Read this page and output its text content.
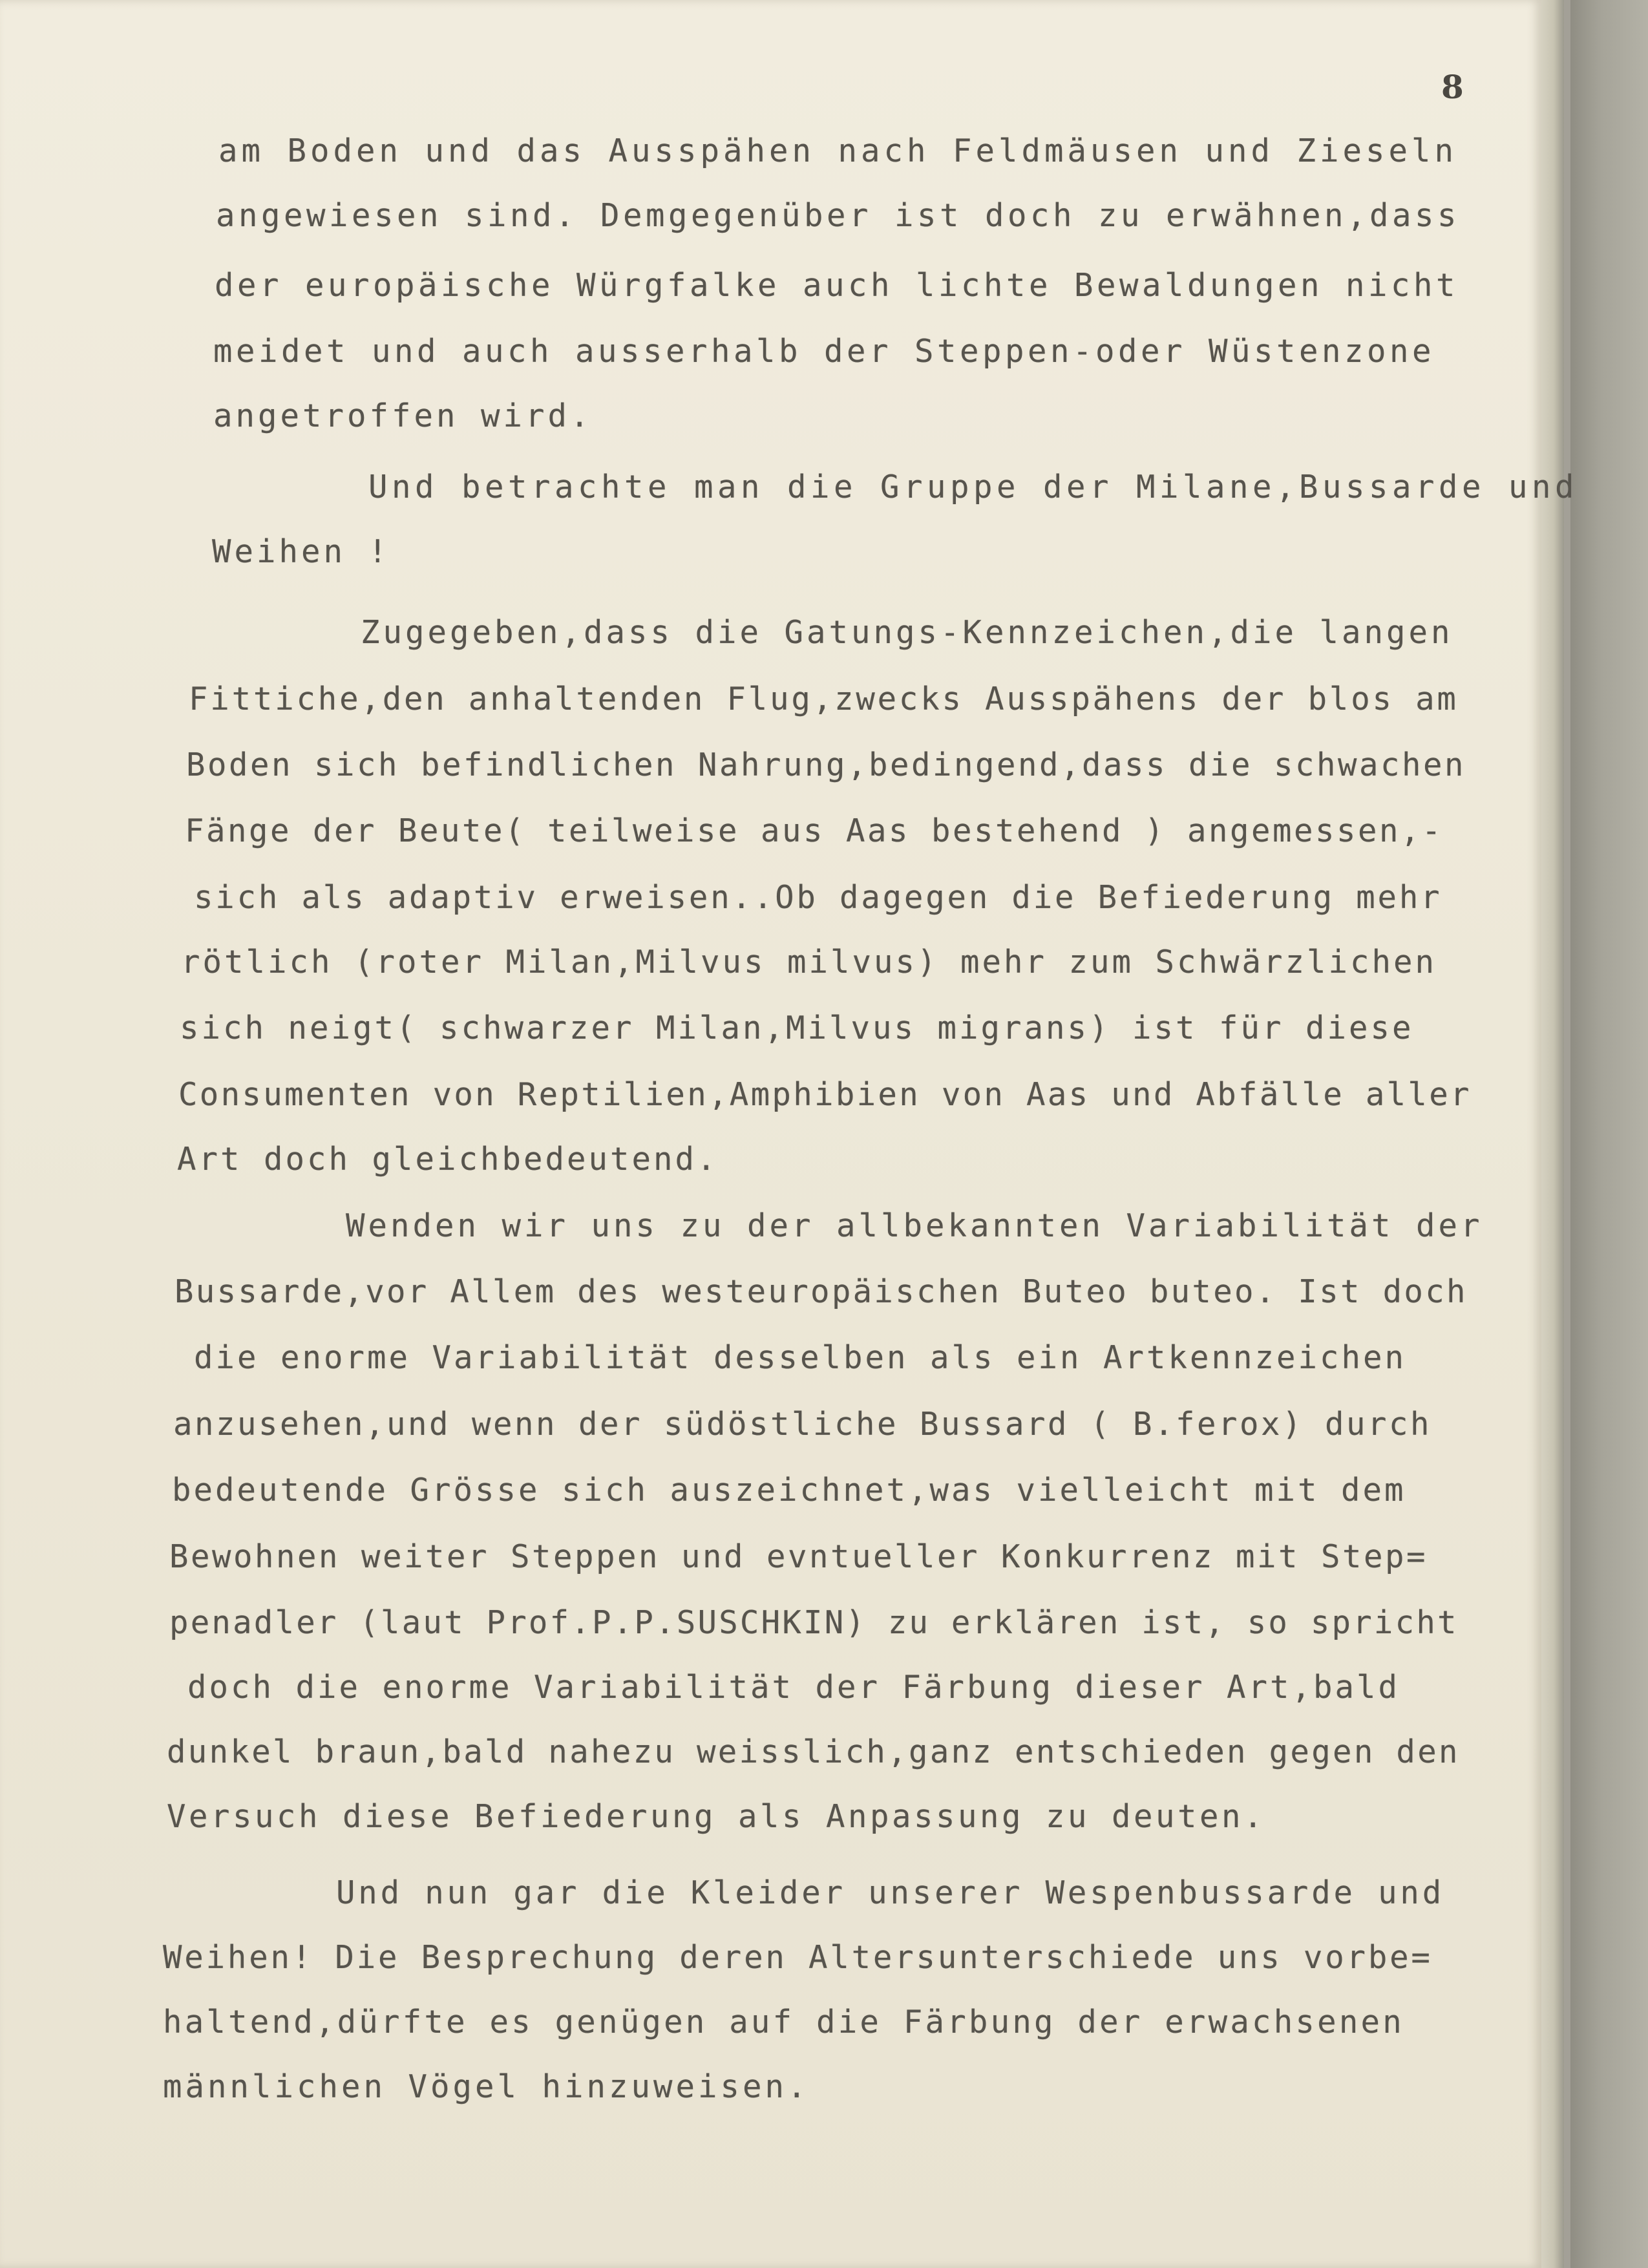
8

am Boden und das Ausspähen nach Feldmäusen und Zieseln

angewiesen sind. Demgegenüber ist doch zu erwähnen,dass

der europäische Würgfalke auch lichte Bewaldungen nicht

meidet und auch ausserhalb der Steppen-oder Wüstenzone

angetroffen wird.

Und betrachte man die Gruppe der Milane,Bussarde und

Weihen !

Zugegeben,dass die Gatungs-Kennzeichen,die langen

Fittiche,den anhaltenden Flug,zwecks Ausspähens der blos am

Boden sich befindlichen Nahrung,bedingend,dass die schwachen

Fänge der Beute( teilweise aus Aas bestehend ) angemessen,-

sich als adaptiv erweisen..Ob dagegen die Befiederung mehr

rötlich (roter Milan,Milvus milvus) mehr zum Schwärzlichen

sich neigt( schwarzer Milan,Milvus migrans) ist für diese

Consumenten von Reptilien,Amphibien von Aas und Abfälle aller

Art doch gleichbedeutend.

Wenden wir uns zu der allbekannten Variabilität der

Bussarde,vor Allem des westeuropäischen Buteo buteo. Ist doch

die enorme Variabilität desselben als ein Artkennzeichen

anzusehen,und wenn der südöstliche Bussard ( B.ferox) durch

bedeutende Grösse sich auszeichnet,was vielleicht mit dem

Bewohnen weiter Steppen und evntueller Konkurrenz mit Step=

penadler (laut Prof.P.P.SUSCHKIN) zu erklären ist, so spricht

doch die enorme Variabilität der Färbung dieser Art,bald

dunkel braun,bald nahezu weisslich,ganz entschieden gegen den

Versuch diese Befiederung als Anpassung zu deuten.

Und nun gar die Kleider unserer Wespenbussarde und

Weihen! Die Besprechung deren Altersunterschiede uns vorbe=

haltend,dürfte es genügen auf die Färbung der erwachsenen

männlichen Vögel hinzuweisen.
